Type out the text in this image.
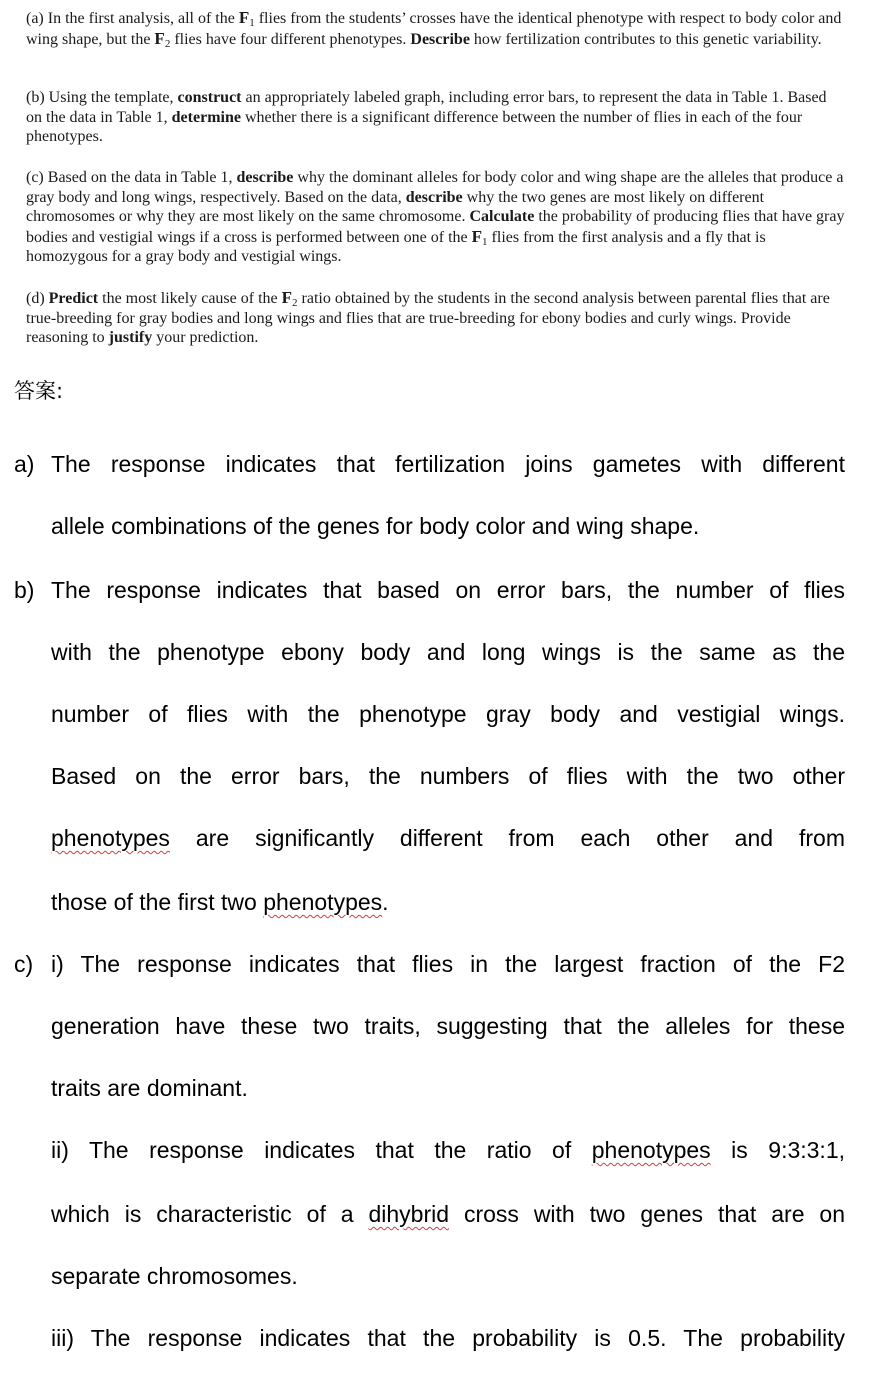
(a) In the first analysis, all of the $F_1$ flies from the students’ crosses have the identical phenotype with respect to body color and wing shape, but the $F_2$ flies have four different phenotypes. Describe how fertilization contributes to this genetic variability.
(b) Using the template, construct an appropriately labeled graph, including error bars, to represent the data in Table 1. Based on the data in Table 1, determine whether there is a significant difference between the number of flies in each of the four phenotypes.
(c) Based on the data in Table 1, describe why the dominant alleles for body color and wing shape are the alleles that produce a gray body and long wings, respectively. Based on the data, describe why the two genes are most likely on different chromosomes or why they are most likely on the same chromosome. Calculate the probability of producing flies that have gray bodies and vestigial wings if a cross is performed between one of the $F_1$ flies from the first analysis and a fly that is homozygous for a gray body and vestigial wings.
(d) Predict the most likely cause of the $F_2$ ratio obtained by the students in the second analysis between parental flies that are true-breeding for gray bodies and long wings and flies that are true-breeding for ebony bodies and curly wings. Provide reasoning to justify your prediction.
答案:
a) The response indicates that fertilization joins gametes with different
allele combinations of the genes for body color and wing shape.
b) The response indicates that based on error bars, the number of flies
with the phenotype ebony body and long wings is the same as the
number of flies with the phenotype gray body and vestigial wings.
Based on the error bars, the numbers of flies with the two other
phenotypes are significantly different from each other and from
those of the first two phenotypes.
c) i) The response indicates that flies in the largest fraction of the F2
generation have these two traits, suggesting that the alleles for these
traits are dominant.
ii) The response indicates that the ratio of phenotypes is 9:3:3:1,
which is characteristic of a dihybrid cross with two genes that are on
separate chromosomes.
iii) The response indicates that the probability is 0.5. The probability
